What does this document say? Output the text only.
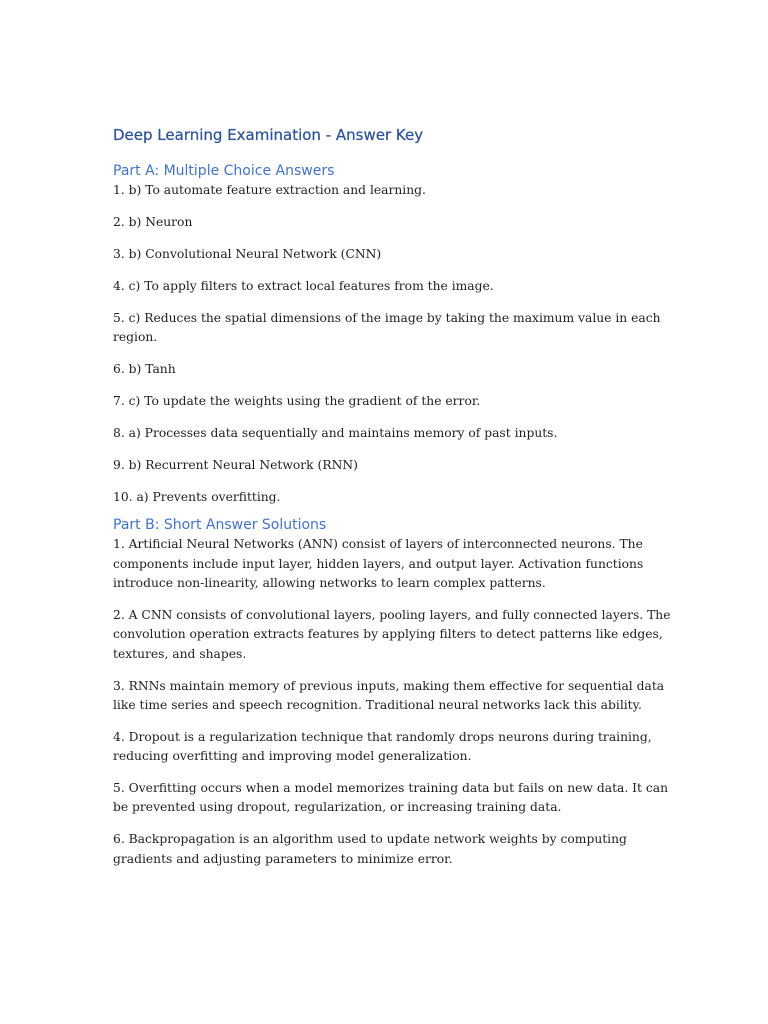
Deep Learning Examination - Answer Key
Part A: Multiple Choice Answers
1. b) To automate feature extraction and learning.
2. b) Neuron
3. b) Convolutional Neural Network (CNN)
4. c) To apply filters to extract local features from the image.
5. c) Reduces the spatial dimensions of the image by taking the maximum value in each region.
6. b) Tanh
7. c) To update the weights using the gradient of the error.
8. a) Processes data sequentially and maintains memory of past inputs.
9. b) Recurrent Neural Network (RNN)
10. a) Prevents overfitting.
Part B: Short Answer Solutions
1. Artificial Neural Networks (ANN) consist of layers of interconnected neurons. The components include input layer, hidden layers, and output layer. Activation functions introduce non-linearity, allowing networks to learn complex patterns.
2. A CNN consists of convolutional layers, pooling layers, and fully connected layers. The convolution operation extracts features by applying filters to detect patterns like edges, textures, and shapes.
3. RNNs maintain memory of previous inputs, making them effective for sequential data like time series and speech recognition. Traditional neural networks lack this ability.
4. Dropout is a regularization technique that randomly drops neurons during training, reducing overfitting and improving model generalization.
5. Overfitting occurs when a model memorizes training data but fails on new data. It can be prevented using dropout, regularization, or increasing training data.
6. Backpropagation is an algorithm used to update network weights by computing gradients and adjusting parameters to minimize error.
